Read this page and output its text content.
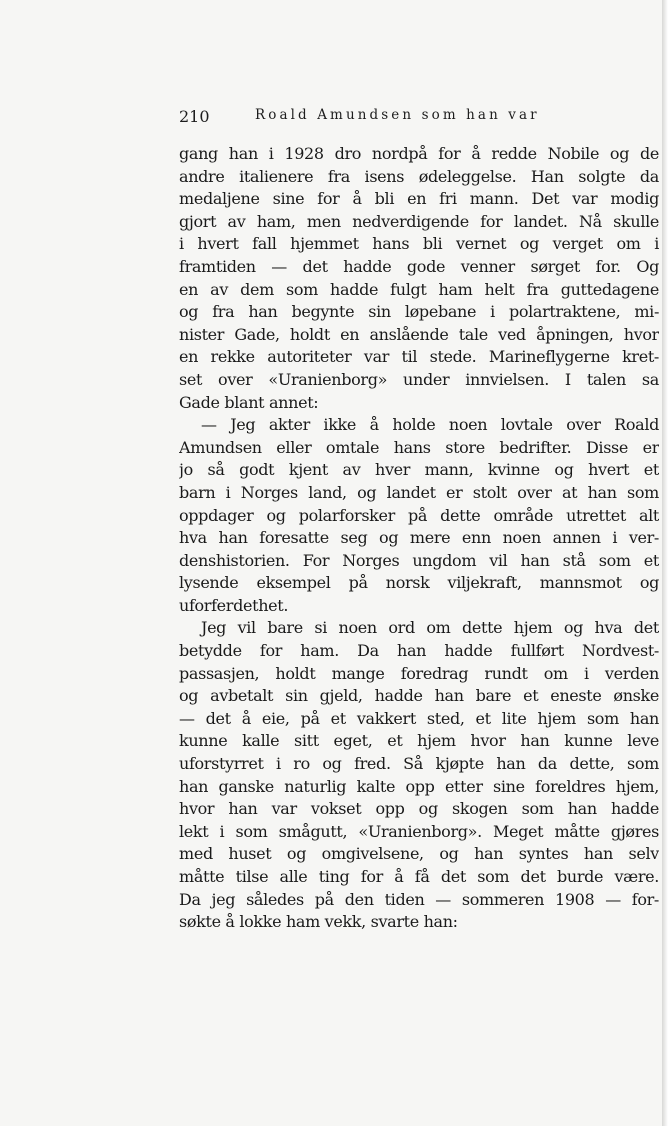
210	Roald Amundsen som han var
gang han i 1928 dro nordpå for å redde Nobile og de
andre italienere fra isens ødeleggelse. Han solgte da
medaljene sine for å bli en fri mann. Det var modig
gjort av ham, men nedverdigende for landet. Nå skulle
i hvert fall hjemmet hans bli vernet og verget om i
framtiden — det hadde gode venner sørget for. Og
en av dem som hadde fulgt ham helt fra guttedagene
og fra han begynte sin løpebane i polartraktene, mi-
nister Gade, holdt en anslående tale ved åpningen, hvor
en rekke autoriteter var til stede. Marineflygerne kret-
set over «Uranienborg» under innvielsen. I talen sa
Gade blant annet:
— Jeg akter ikke å holde noen lovtale over Roald
Amundsen eller omtale hans store bedrifter. Disse er
jo så godt kjent av hver mann, kvinne og hvert et
barn i Norges land, og landet er stolt over at han som
oppdager og polarforsker på dette område utrettet alt
hva han foresatte seg og mere enn noen annen i ver-
denshistorien. For Norges ungdom vil han stå som et
lysende eksempel på norsk viljekraft, mannsmot og
uforferdethet.
Jeg vil bare si noen ord om dette hjem og hva det
betydde for ham. Da han hadde fullført Nordvest-
passasjen, holdt mange foredrag rundt om i verden
og avbetalt sin gjeld, hadde han bare et eneste ønske
— det å eie, på et vakkert sted, et lite hjem som han
kunne kalle sitt eget, et hjem hvor han kunne leve
uforstyrret i ro og fred. Så kjøpte han da dette, som
han ganske naturlig kalte opp etter sine foreldres hjem,
hvor han var vokset opp og skogen som han hadde
lekt i som smågutt, «Uranienborg». Meget måtte gjøres
med huset og omgivelsene, og han syntes han selv
måtte tilse alle ting for å få det som det burde være.
Da jeg således på den tiden — sommeren 1908 — for-
søkte å lokke ham vekk, svarte han:
